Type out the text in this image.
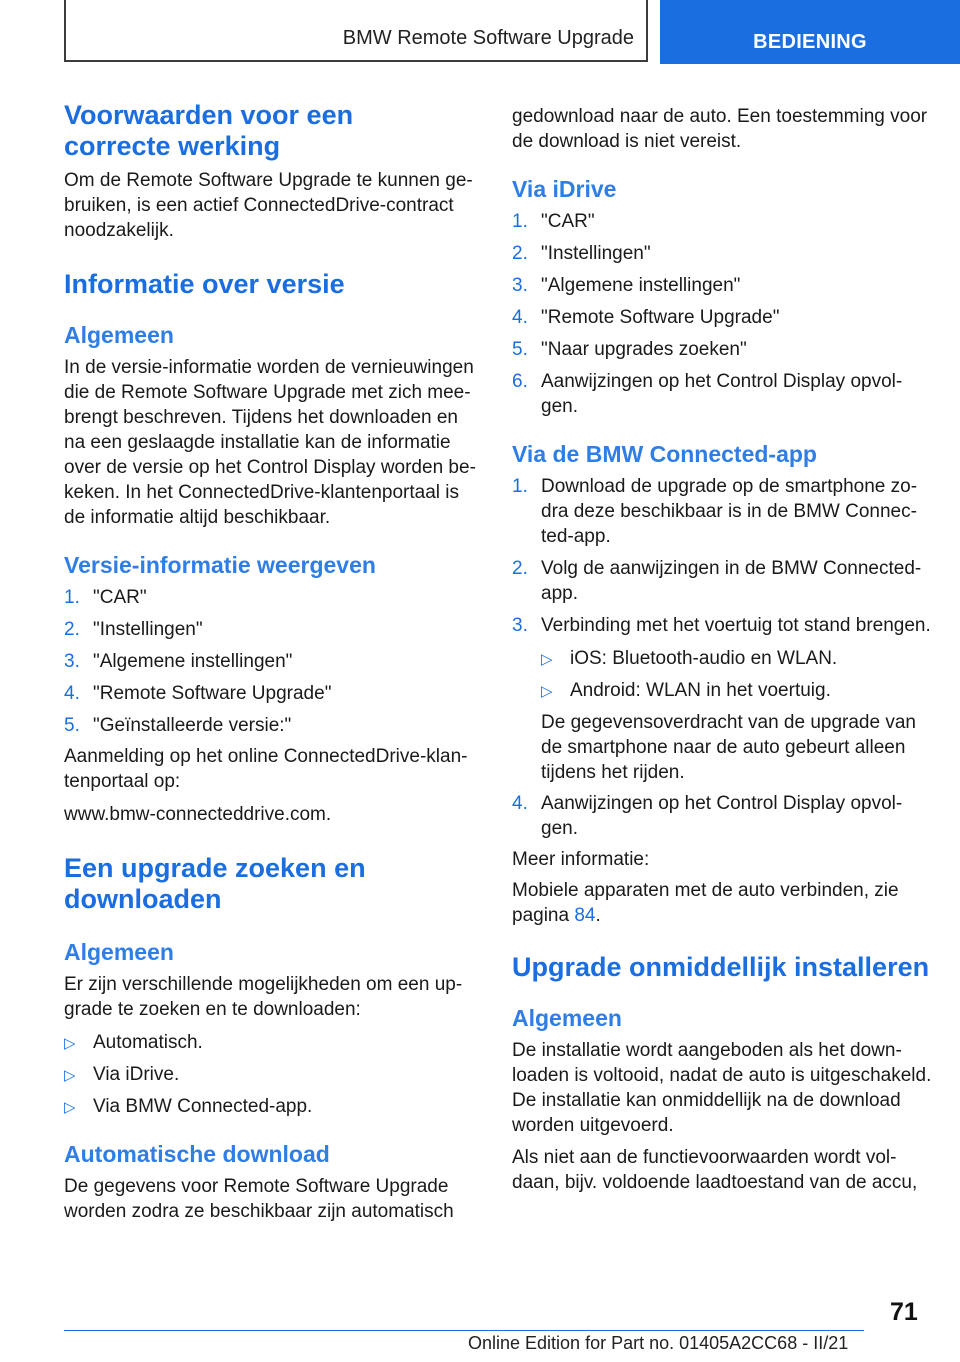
BMW Remote Software Upgrade	BEDIENING
Voorwaarden voor een correcte werking

Om de Remote Software Upgrade te kunnen gebruiken, is een actief ConnectedDrive-contract noodzakelijk.

Informatie over versie
Algemeen

In de versie-informatie worden de vernieuwingen die de Remote Software Upgrade met zich meebrengt beschreven. Tijdens het downloaden en na een geslaagde installatie kan de informatie over de versie op het Control Display worden bekeken. In het ConnectedDrive-klantenportaal is de informatie altijd beschikbaar.

Versie-informatie weergeven
1. "CAR"
2. "Instellingen"
3. "Algemene instellingen"
4. "Remote Software Upgrade"
5. "Geïnstalleerde versie:"

Aanmelding op het online ConnectedDrive-klantenportaal op:

www.bmw-connecteddrive.com.

Een upgrade zoeken en downloaden
Algemeen

Er zijn verschillende mogelijkheden om een upgrade te zoeken en te downloaden:

▷ Automatisch.
▷ Via iDrive.
▷ Via BMW Connected-app.
Automatische download

De gegevens voor Remote Software Upgrade worden zodra ze beschikbaar zijn automatisch

gedownload naar de auto. Een toestemming voor de download is niet vereist.

Via iDrive
1. "CAR"
2. "Instellingen"
3. "Algemene instellingen"
4. "Remote Software Upgrade"
5. "Naar upgrades zoeken"
6. Aanwijzingen op het Control Display opvolgen.
Via de BMW Connected-app
1. Download de upgrade op de smartphone zodra deze beschikbaar is in de BMW Connected-app.
2. Volg de aanwijzingen in de BMW Connected-app.
3. Verbinding met het voertuig tot stand brengen.
▷ iOS: Bluetooth-audio en WLAN.
▷ Android: WLAN in het voertuig.

De gegevensoverdracht van de upgrade van de smartphone naar de auto gebeurt alleen tijdens het rijden.

4. Aanwijzingen op het Control Display opvolgen.

Meer informatie:

Mobiele apparaten met de auto verbinden, zie pagina 84.

Upgrade onmiddellijk installeren
Algemeen

De installatie wordt aangeboden als het downloaden is voltooid, nadat de auto is uitgeschakeld. De installatie kan onmiddellijk na de download worden uitgevoerd.

Als niet aan de functievoorwaarden wordt voldaan, bijv. voldoende laadtoestand van de accu,

71
Online Edition for Part no. 01405A2CC68 - II/21
